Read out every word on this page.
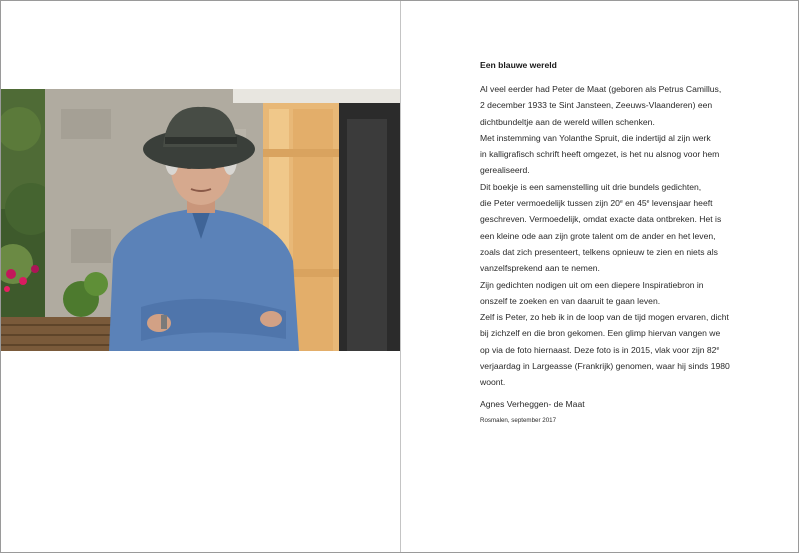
Een blauwe wereld
Al veel eerder had Peter de Maat (geboren als Petrus Camillus,
2 december 1933 te Sint Jansteen, Zeeuws-Vlaanderen) een
dichtbundeltje aan de wereld willen schenken.
Met instemming van Yolanthe Spruit, die indertijd al zijn werk
in kalligrafisch schrift heeft omgezet, is het nu alsnog voor hem
gerealiseerd.
Dit boekje is een samenstelling uit drie bundels gedichten,
die Peter vermoedelijk tussen zijn 20e en 45e levensjaar heeft
geschreven. Vermoedelijk, omdat exacte data ontbreken. Het is
een kleine ode aan zijn grote talent om de ander en het leven,
zoals dat zich presenteert, telkens opnieuw te zien en niets als
vanzelfsprekend aan te nemen.
Zijn gedichten nodigen uit om een diepere Inspiratiebron in
onszelf te zoeken en van daaruit te gaan leven.
Zelf is Peter, zo heb ik in de loop van de tijd mogen ervaren, dicht
bij zichzelf en die bron gekomen. Een glimp hiervan vangen we
op via de foto hiernaast. Deze foto is in 2015, vlak voor zijn 82e
verjaardag in Largeasse (Frankrijk) genomen, waar hij sinds 1980
woont.
Agnes Verheggen- de Maat
Rosmalen, september 2017
